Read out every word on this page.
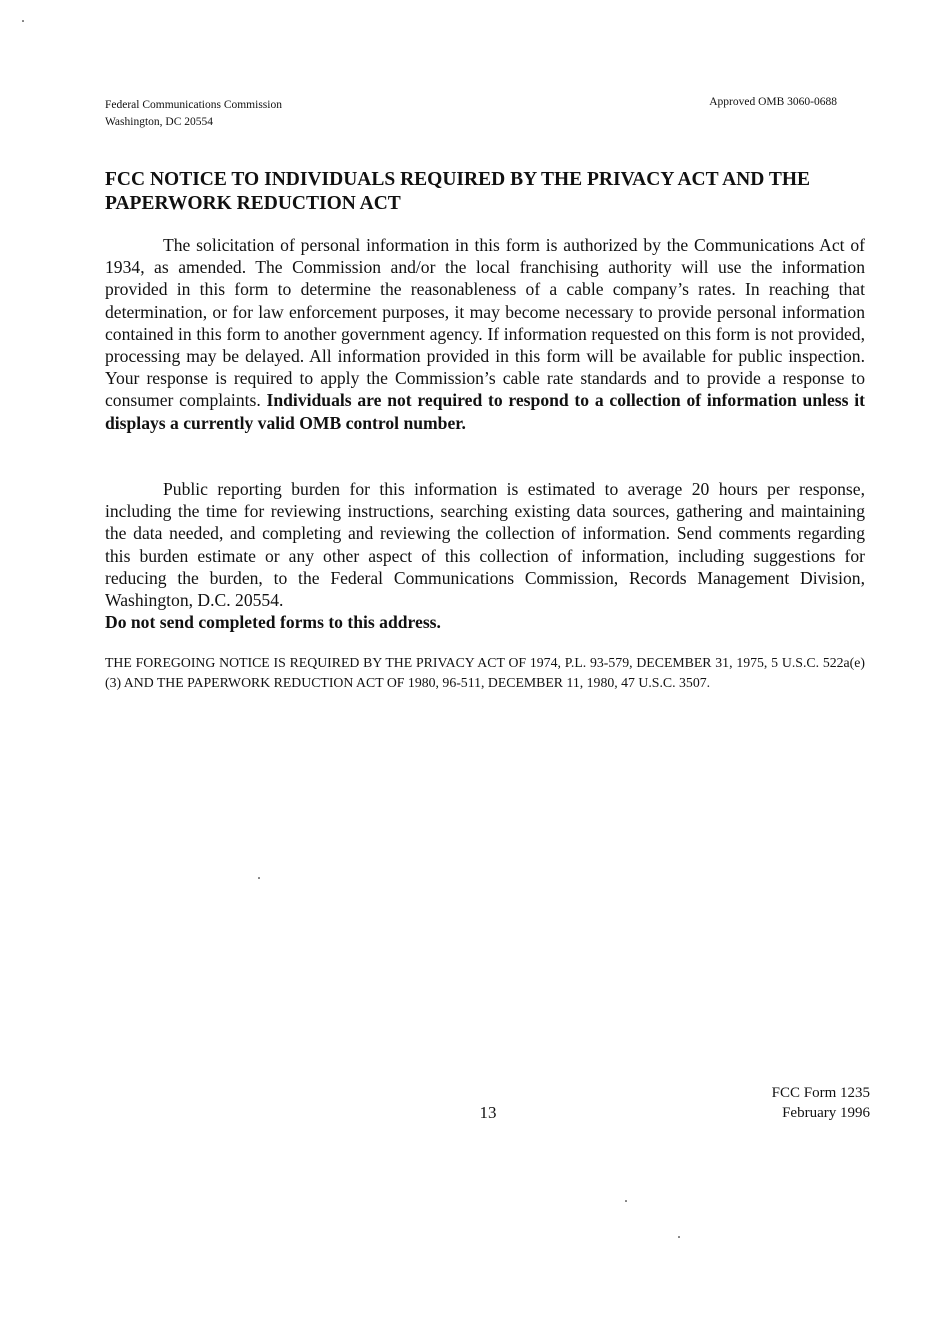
Federal Communications Commission
Washington, DC 20554
Approved OMB 3060-0688
FCC NOTICE TO INDIVIDUALS REQUIRED BY THE PRIVACY ACT AND THE PAPERWORK REDUCTION ACT
The solicitation of personal information in this form is authorized by the Communications Act of 1934, as amended. The Commission and/or the local franchising authority will use the information provided in this form to determine the reasonableness of a cable company’s rates. In reaching that determination, or for law enforcement purposes, it may become necessary to provide personal information contained in this form to another government agency. If information requested on this form is not provided, processing may be delayed. All information provided in this form will be available for public inspection. Your response is required to apply the Commission’s cable rate standards and to provide a response to consumer complaints. Individuals are not required to respond to a collection of information unless it displays a currently valid OMB control number.
Public reporting burden for this information is estimated to average 20 hours per response, including the time for reviewing instructions, searching existing data sources, gathering and maintaining the data needed, and completing and reviewing the collection of information. Send comments regarding this burden estimate or any other aspect of this collection of information, including suggestions for reducing the burden, to the Federal Communications Commission, Records Management Division, Washington, D.C. 20554.
Do not send completed forms to this address.
THE FOREGOING NOTICE IS REQUIRED BY THE PRIVACY ACT OF 1974, P.L. 93-579, DECEMBER 31, 1975, 5 U.S.C. 522a(e)(3) AND THE PAPERWORK REDUCTION ACT OF 1980, 96-511, DECEMBER 11, 1980, 47 U.S.C. 3507.
13
FCC Form 1235
February 1996
